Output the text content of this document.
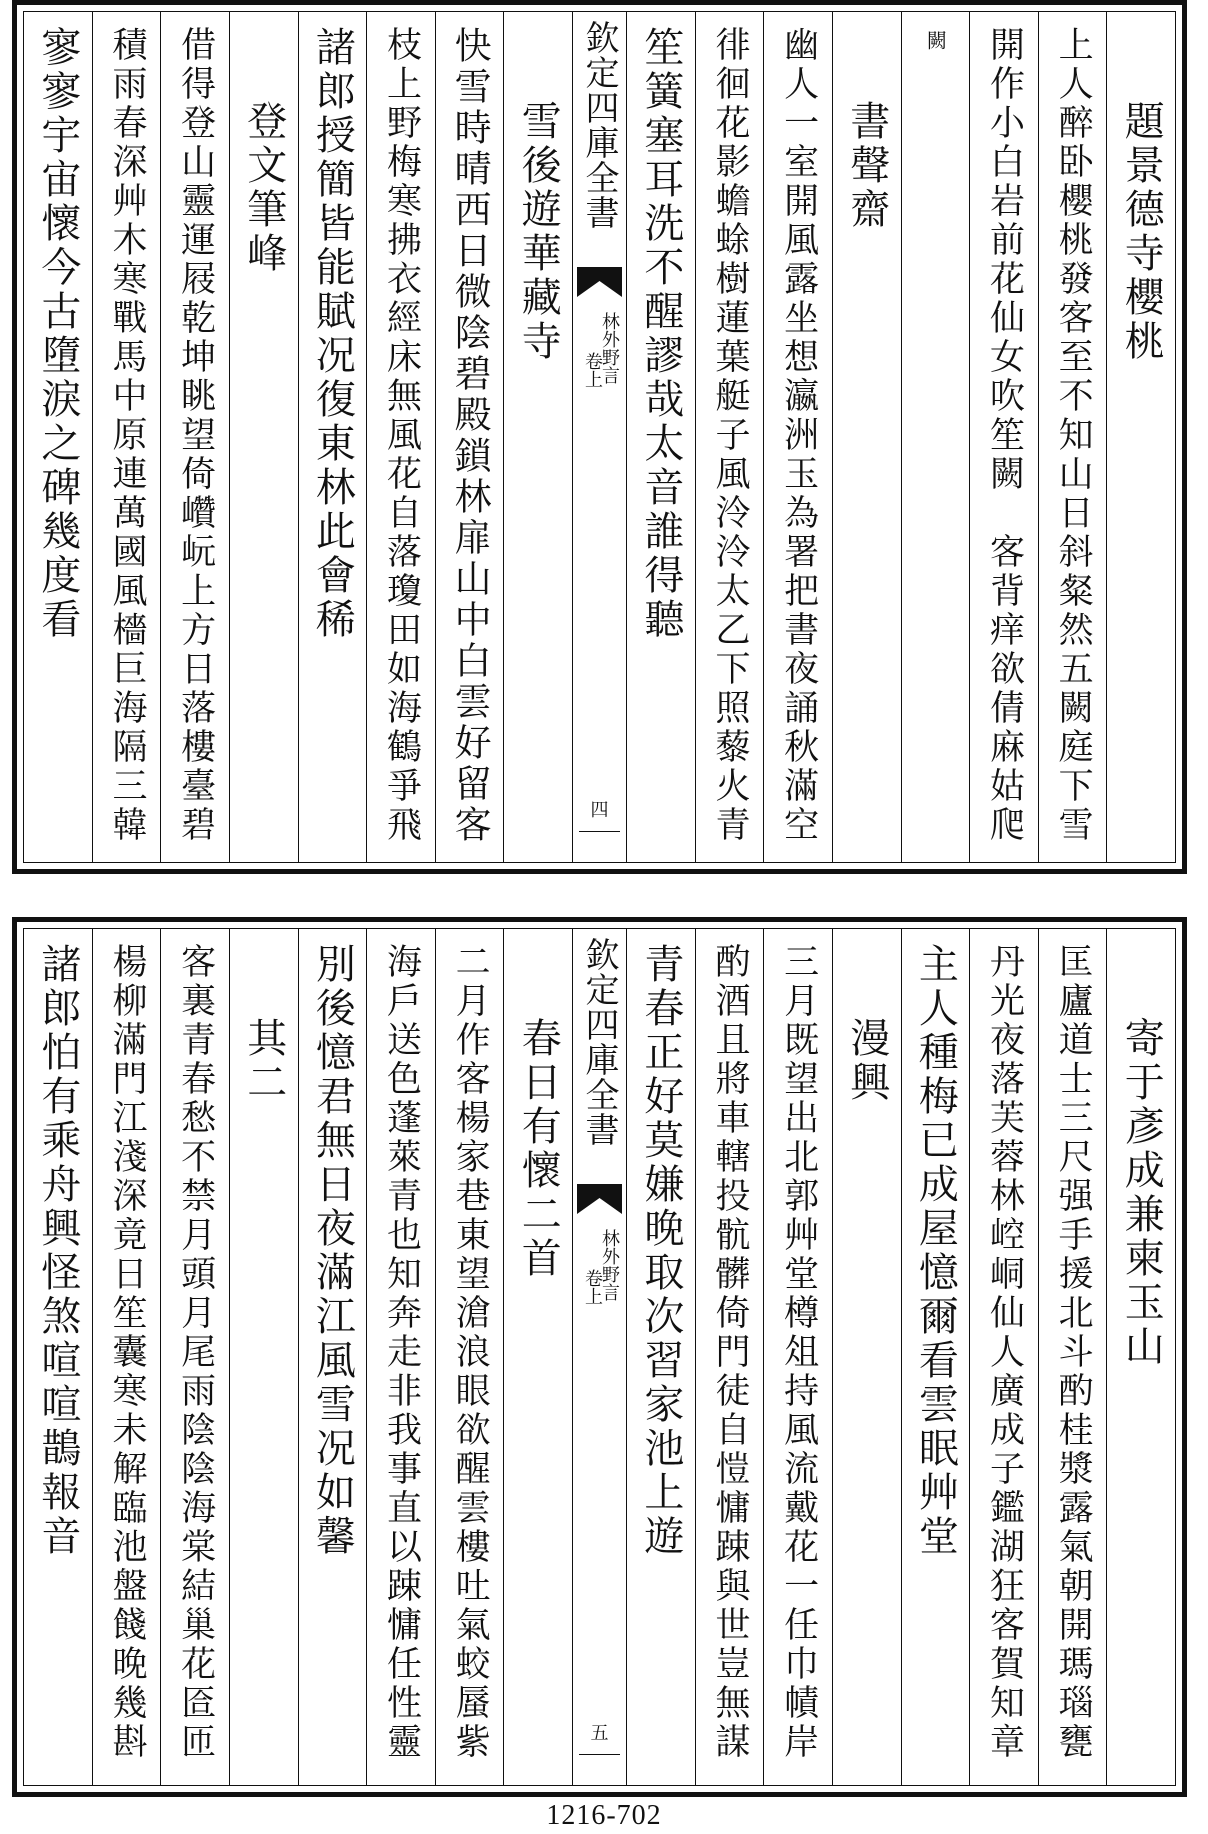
題景德寺櫻桃
上人醉卧櫻桃發客至不知山日斜粲然五闕庭下雪
開作小白岩前花仙女吹笙闕　客背痒欲倩麻姑爬
闕
書聲齋
幽人一室開風露坐想瀛洲玉為署把書夜誦秋滿空
徘徊花影蟾蜍樹蓮葉艇子風泠泠太乙下照藜火青
笙簧塞耳洗不醒謬哉太音誰得聽
欽定四庫全書
林外野言
卷上
四
雪後遊華藏寺
快雪時晴西日微陰碧殿鎖林扉山中白雲好留客
枝上野梅寒拂衣經床無風花自落瓊田如海鶴爭飛
諸郎授簡皆能賦况復東林此會稀
登文筆峰
借得登山靈運屐乾坤眺望倚巑岏上方日落樓臺碧
積雨春深艸木寒戰馬中原連萬國風檣巨海隔三韓
寥寥宇宙懷今古墮淚之碑幾度看
寄于彥成兼柬玉山
匡廬道士三尺强手援北斗酌桂漿露氣朝開瑪瑙甕
丹光夜落芙蓉林崆峒仙人廣成子鑑湖狂客賀知章
主人種梅已成屋憶爾看雲眠艸堂
漫興
三月既望出北郭艸堂樽俎持風流戴花一任巾幘岸
酌酒且將車轄投骯髒倚門徒自愷慵踈與世豈無謀
青春正好莫嫌晚取次習家池上遊
欽定四庫全書
林外野言
卷上
五
春日有懷二首
二月作客楊家巷東望滄浪眼欲醒雲樓吐氣蛟蜃紫
海戶送色蓬萊青也知奔走非我事直以踈慵任性靈
別後憶君無日夜滿江風雪况如馨
其二
客裏青春愁不禁月頭月尾雨陰陰海棠結巢花匼匝
楊柳滿門江淺深竟日笙囊寒未解臨池盤餞晚幾斟
諸郎怕有乘舟興怪煞喧喧鵲報音
1216-702
